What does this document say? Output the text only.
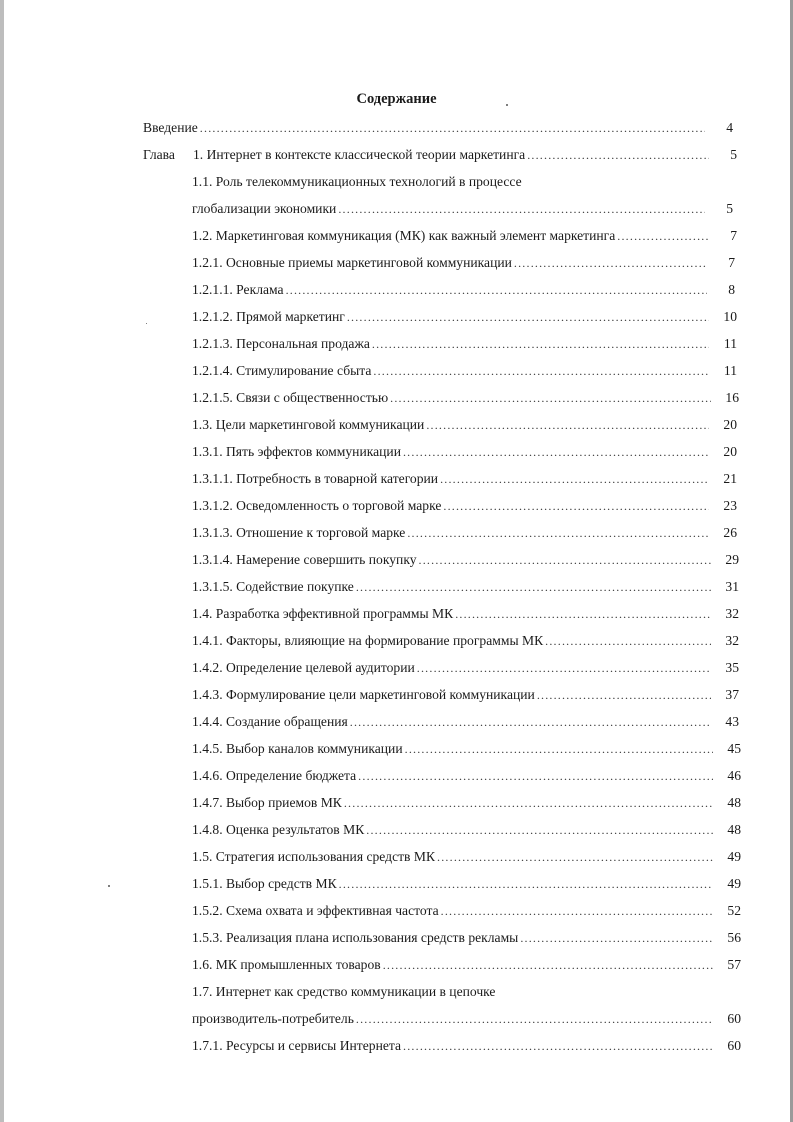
Содержание
Введение .....	4
Глава 1. Интернет в контексте классической теории маркетинга .....	5
1.1. Роль телекоммуникационных технологий в процессе
глобализации экономики .....	5
1.2. Маркетинговая коммуникация (МК) как важный элемент маркетинга .....	7
1.2.1. Основные приемы маркетинговой коммуникации .....	7
1.2.1.1. Реклама .....	8
1.2.1.2. Прямой маркетинг .....	10
1.2.1.3. Персональная продажа .....	11
1.2.1.4. Стимулирование сбыта .....	11
1.2.1.5. Связи с общественностью .....	16
1.3. Цели маркетинговой коммуникации .....	20
1.3.1. Пять эффектов коммуникации .....	20
1.3.1.1. Потребность в товарной категории .....	21
1.3.1.2. Осведомленность о торговой марке .....	23
1.3.1.3. Отношение к торговой марке .....	26
1.3.1.4. Намерение совершить покупку .....	29
1.3.1.5. Содействие покупке .....	31
1.4. Разработка эффективной программы МК .....	32
1.4.1. Факторы, влияющие на формирование программы МК .....	32
1.4.2. Определение целевой аудитории .....	35
1.4.3. Формулирование цели маркетинговой коммуникации .....	37
1.4.4. Создание обращения .....	43
1.4.5. Выбор каналов коммуникации .....	45
1.4.6. Определение бюджета .....	46
1.4.7. Выбор приемов МК .....	48
1.4.8. Оценка результатов МК .....	48
1.5. Стратегия использования средств МК .....	49
1.5.1. Выбор средств МК .....	49
1.5.2. Схема охвата и эффективная частота .....	52
1.5.3. Реализация плана использования средств рекламы .....	56
1.6. МК промышленных товаров .....	57
1.7. Интернет как средство коммуникации в цепочке
производитель-потребитель .....	60
1.7.1. Ресурсы и сервисы Интернета .....	60
